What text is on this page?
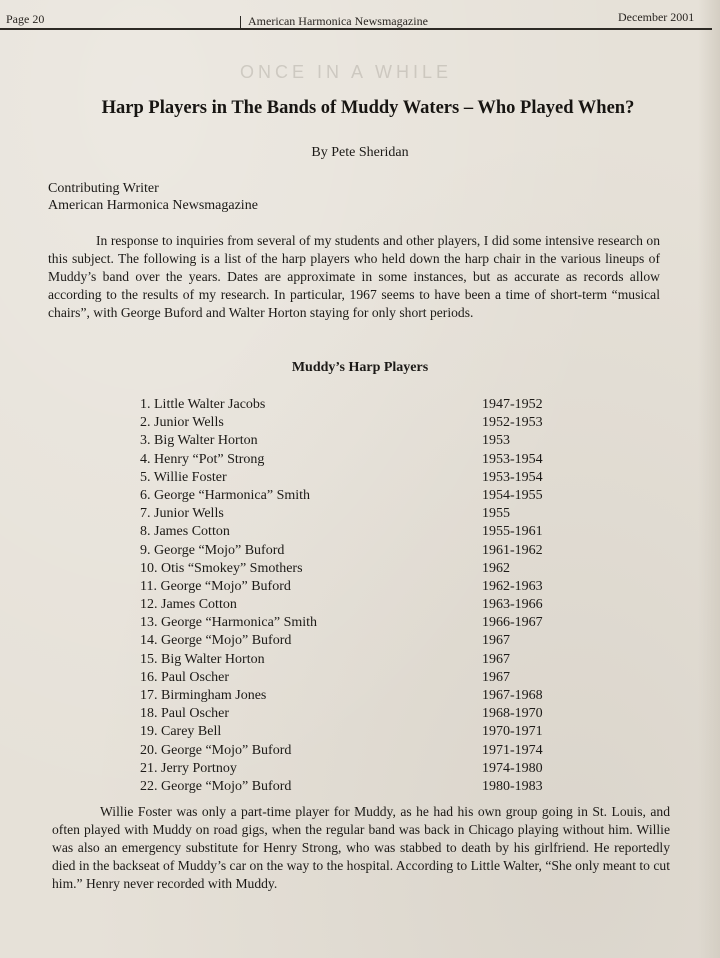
Page 20	American Harmonica Newsmagazine	December 2001
ONCE IN A WHILE
Harp Players in The Bands of Muddy Waters – Who Played When?
By Pete Sheridan
Contributing Writer
American Harmonica Newsmagazine
In response to inquiries from several of my students and other players, I did some intensive research on this subject. The following is a list of the harp players who held down the harp chair in the various lineups of Muddy’s band over the years. Dates are approximate in some instances, but as accurate as records allow according to the results of my research. In particular, 1967 seems to have been a time of short-term “musical chairs”, with George Buford and Walter Horton staying for only short periods.
Muddy’s Harp Players
1. Little Walter Jacobs	1947-1952
2. Junior Wells	1952-1953
3. Big Walter Horton	1953
4. Henry “Pot” Strong	1953-1954
5. Willie Foster	1953-1954
6. George “Harmonica” Smith	1954-1955
7. Junior Wells	1955
8. James Cotton	1955-1961
9. George “Mojo” Buford	1961-1962
10. Otis “Smokey” Smothers	1962
11. George “Mojo” Buford	1962-1963
12. James Cotton	1963-1966
13. George “Harmonica” Smith	1966-1967
14. George “Mojo” Buford	1967
15. Big Walter Horton	1967
16. Paul Oscher	1967
17. Birmingham Jones	1967-1968
18. Paul Oscher	1968-1970
19. Carey Bell	1970-1971
20. George “Mojo” Buford	1971-1974
21. Jerry Portnoy	1974-1980
22. George “Mojo” Buford	1980-1983
Willie Foster was only a part-time player for Muddy, as he had his own group going in St. Louis, and often played with Muddy on road gigs, when the regular band was back in Chicago playing without him. Willie was also an emergency substitute for Henry Strong, who was stabbed to death by his girlfriend. He reportedly died in the backseat of Muddy’s car on the way to the hospital. According to Little Walter, “She only meant to cut him.” Henry never recorded with Muddy.
